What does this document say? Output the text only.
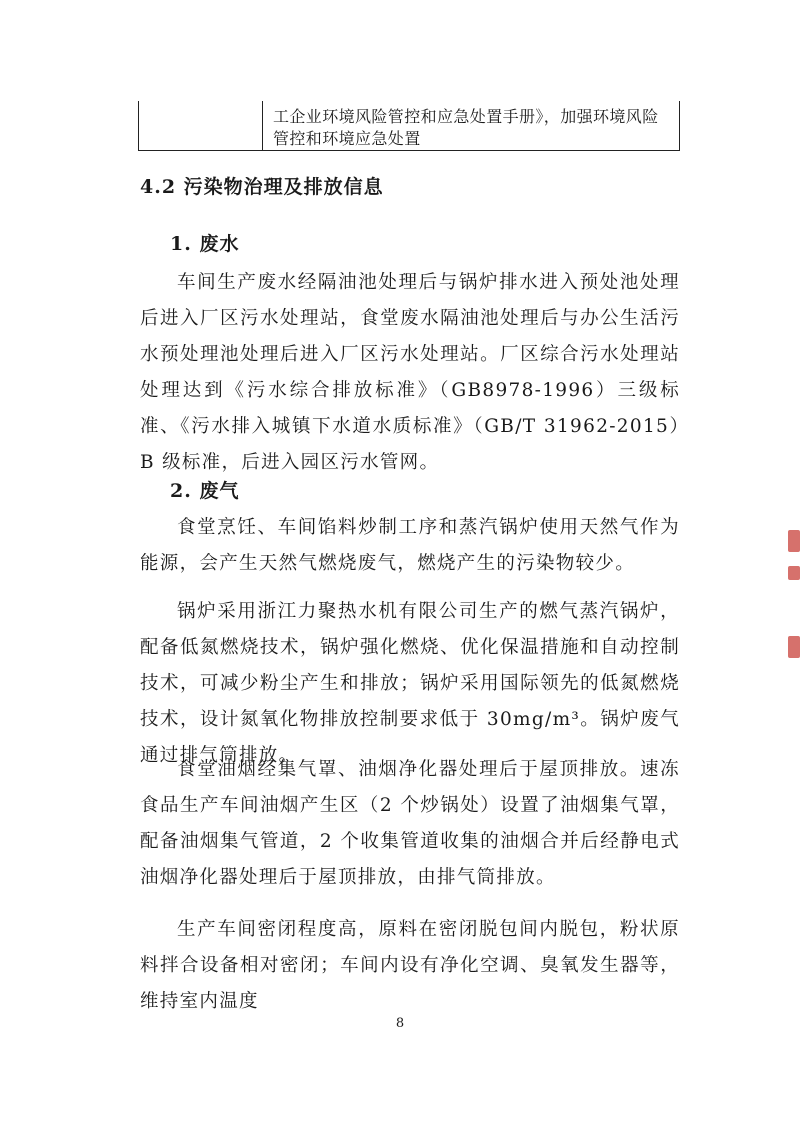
工企业环境风险管控和应急处置手册》，加强环境风险管控和环境应急处置
4.2 污染物治理及排放信息
1. 废水

车间生产废水经隔油池处理后与锅炉排水进入预处池处理后进入厂区污水处理站，食堂废水隔油池处理后与办公生活污水预处理池处理后进入厂区污水处理站。厂区综合污水处理站处理达到《污水综合排放标准》（GB8978-1996）三级标准、《污水排入城镇下水道水质标准》（GB/T 31962-2015）B 级标准，后进入园区污水管网。

2. 废气

食堂烹饪、车间馅料炒制工序和蒸汽锅炉使用天然气作为能源，会产生天然气燃烧废气，燃烧产生的污染物较少。

锅炉采用浙江力聚热水机有限公司生产的燃气蒸汽锅炉，配备低氮燃烧技术，锅炉强化燃烧、优化保温措施和自动控制技术，可减少粉尘产生和排放；锅炉采用国际领先的低氮燃烧技术，设计氮氧化物排放控制要求低于 30mg/m³。锅炉废气通过排气筒排放。

食堂油烟经集气罩、油烟净化器处理后于屋顶排放。速冻食品生产车间油烟产生区（2 个炒锅处）设置了油烟集气罩，配备油烟集气管道，2 个收集管道收集的油烟合并后经静电式油烟净化器处理后于屋顶排放，由排气筒排放。

生产车间密闭程度高，原料在密闭脱包间内脱包，粉状原料拌合设备相对密闭；车间内设有净化空调、臭氧发生器等，维持室内温度

8
